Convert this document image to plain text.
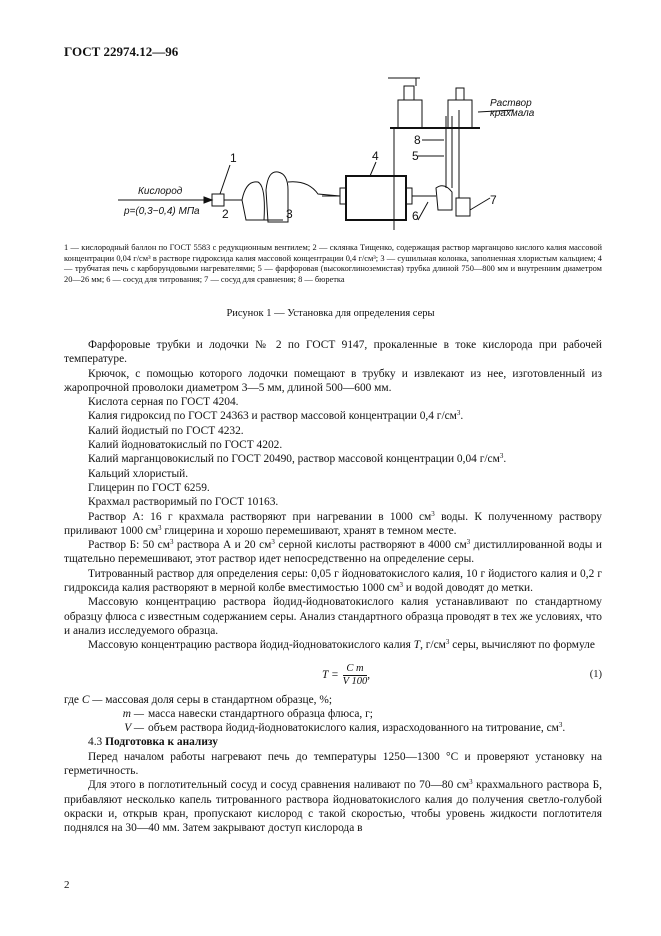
ГОСТ 22974.12—96
Кислород
р=(0,3−0,4) МПа
Раствор
крахмала
1
2	3
4	5
6
7
8
1 — кислородный баллон по ГОСТ 5583 с редукционным вентилем; 2 — склянка Тищенко, содержащая раствор марганцово кислого калия массовой концентрации 0,04 г/см³ в растворе гидроксида калия массовой концентрации 0,4 г/см³; 3 — сушильная колонка, заполненная хлористым кальцием; 4 — трубчатая печь с карборундовыми нагревателями; 5 — фарфоровая (высокоглиноземистая) трубка длиной 750—800 мм и внутренним диаметром 20—26 мм; 6 — сосуд для титрования; 7 — сосуд для сравнения; 8 — бюретка
Рисунок 1 — Установка для определения серы

Фарфоровые трубки и лодочки № 2 по ГОСТ 9147, прокаленные в токе кислорода при рабочей температуре.

Крючок, с помощью которого лодочки помещают в трубку и извлекают из нее, изготовленный из жаропрочной проволоки диаметром 3—5 мм, длиной 500—600 мм.

Кислота серная по ГОСТ 4204.

Калия гидроксид по ГОСТ 24363 и раствор массовой концентрации 0,4 $г/см^3$.

Калий йодистый по ГОСТ 4232.

Калий йодноватокислый по ГОСТ 4202.

Калий марганцовокислый по ГОСТ 20490, раствор массовой концентрации 0,04 $г/см^3$.

Кальций хлористый.

Глицерин по ГОСТ 6259.

Крахмал растворимый по ГОСТ 10163.

Раствор А: 16 г крахмала растворяют при нагревании в 1000 $см^3$ воды. К полученному раствору приливают 1000 $см^3$ глицерина и хорошо перемешивают, хранят в темном месте.

Раствор Б: 50 $см^3$ раствора А и 20 $см^3$ серной кислоты растворяют в 4000 $см^3$ дистиллированной воды и тщательно перемешивают, этот раствор идет непосредственно на определение серы.

Титрованный раствор для определения серы: 0,05 г йодноватокислого калия, 10 г йодистого калия и 0,2 г гидроксида калия растворяют в мерной колбе вместимостью 1000 $см^3$ и водой доводят до метки.

Массовую концентрацию раствора йодид-йодноватокислого калия устанавливают по стандартному образцу флюса с известным содержанием серы. Анализ стандартного образца проводят в тех же условиях, что и анализ исследуемого образца.

Массовую концентрацию раствора йодид-йодноватокислого калия T, $г/см^3$ серы, вычисляют по формуле

$T = \frac{\text{C m}}{V 100}$ ,	(1)

где C — массовая доля серы в стандартном образце, %;

m — масса навески стандартного образца флюса, г;

V — объем раствора йодид-йодноватокислого калия, израсходованного на титрование, $см^3$.

4.3 Подготовка к анализу

Перед началом работы нагревают печь до температуры 1250—1300 °С и проверяют установку на герметичность.

Для этого в поглотительный сосуд и сосуд сравнения наливают по 70—80 $см^3$ крахмального раствора Б, прибавляют несколько капель титрованного раствора йодноватокислого калия до получения светло-голубой окраски и, открыв кран, пропускают кислород с такой скоростью, чтобы уровень жидкости поглотителя поднялся на 30—40 мм. Затем закрывают доступ кислорода в

2
